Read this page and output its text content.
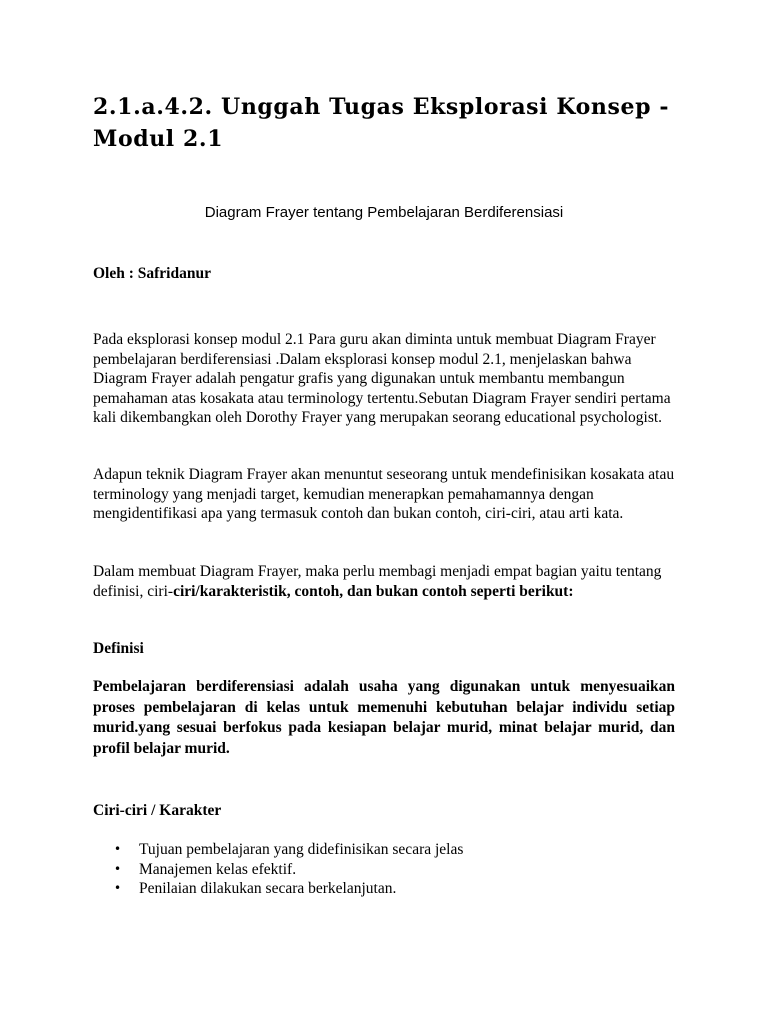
2.1.a.4.2. Unggah Tugas Eksplorasi Konsep - Modul 2.1
Diagram Frayer tentang Pembelajaran Berdiferensiasi
Oleh : Safridanur

Pada eksplorasi konsep modul 2.1 Para guru akan diminta untuk membuat Diagram Frayer pembelajaran berdiferensiasi .Dalam eksplorasi konsep modul 2.1, menjelaskan bahwa Diagram Frayer adalah pengatur grafis yang digunakan untuk membantu membangun pemahaman atas kosakata atau terminology tertentu.Sebutan Diagram Frayer sendiri pertama kali dikembangkan oleh Dorothy Frayer yang merupakan seorang educational psychologist.

Adapun teknik Diagram Frayer akan menuntut seseorang untuk mendefinisikan kosakata atau terminology yang menjadi target, kemudian menerapkan pemahamannya dengan mengidentifikasi apa yang termasuk contoh dan bukan contoh, ciri-ciri, atau arti kata.

Dalam membuat Diagram Frayer, maka perlu membagi menjadi empat bagian yaitu tentang definisi, ciri-ciri/karakteristik, contoh, dan bukan contoh seperti berikut:

Definisi
Pembelajaran berdiferensiasi adalah usaha yang digunakan untuk menyesuaikan proses pembelajaran di kelas untuk memenuhi kebutuhan belajar individu setiap murid.yang sesuai berfokus pada kesiapan belajar murid, minat belajar murid, dan profil belajar murid.
Ciri-ciri / Karakter
• Tujuan pembelajaran yang didefinisikan secara jelas
• Manajemen kelas efektif.
• Penilaian dilakukan secara berkelanjutan.
